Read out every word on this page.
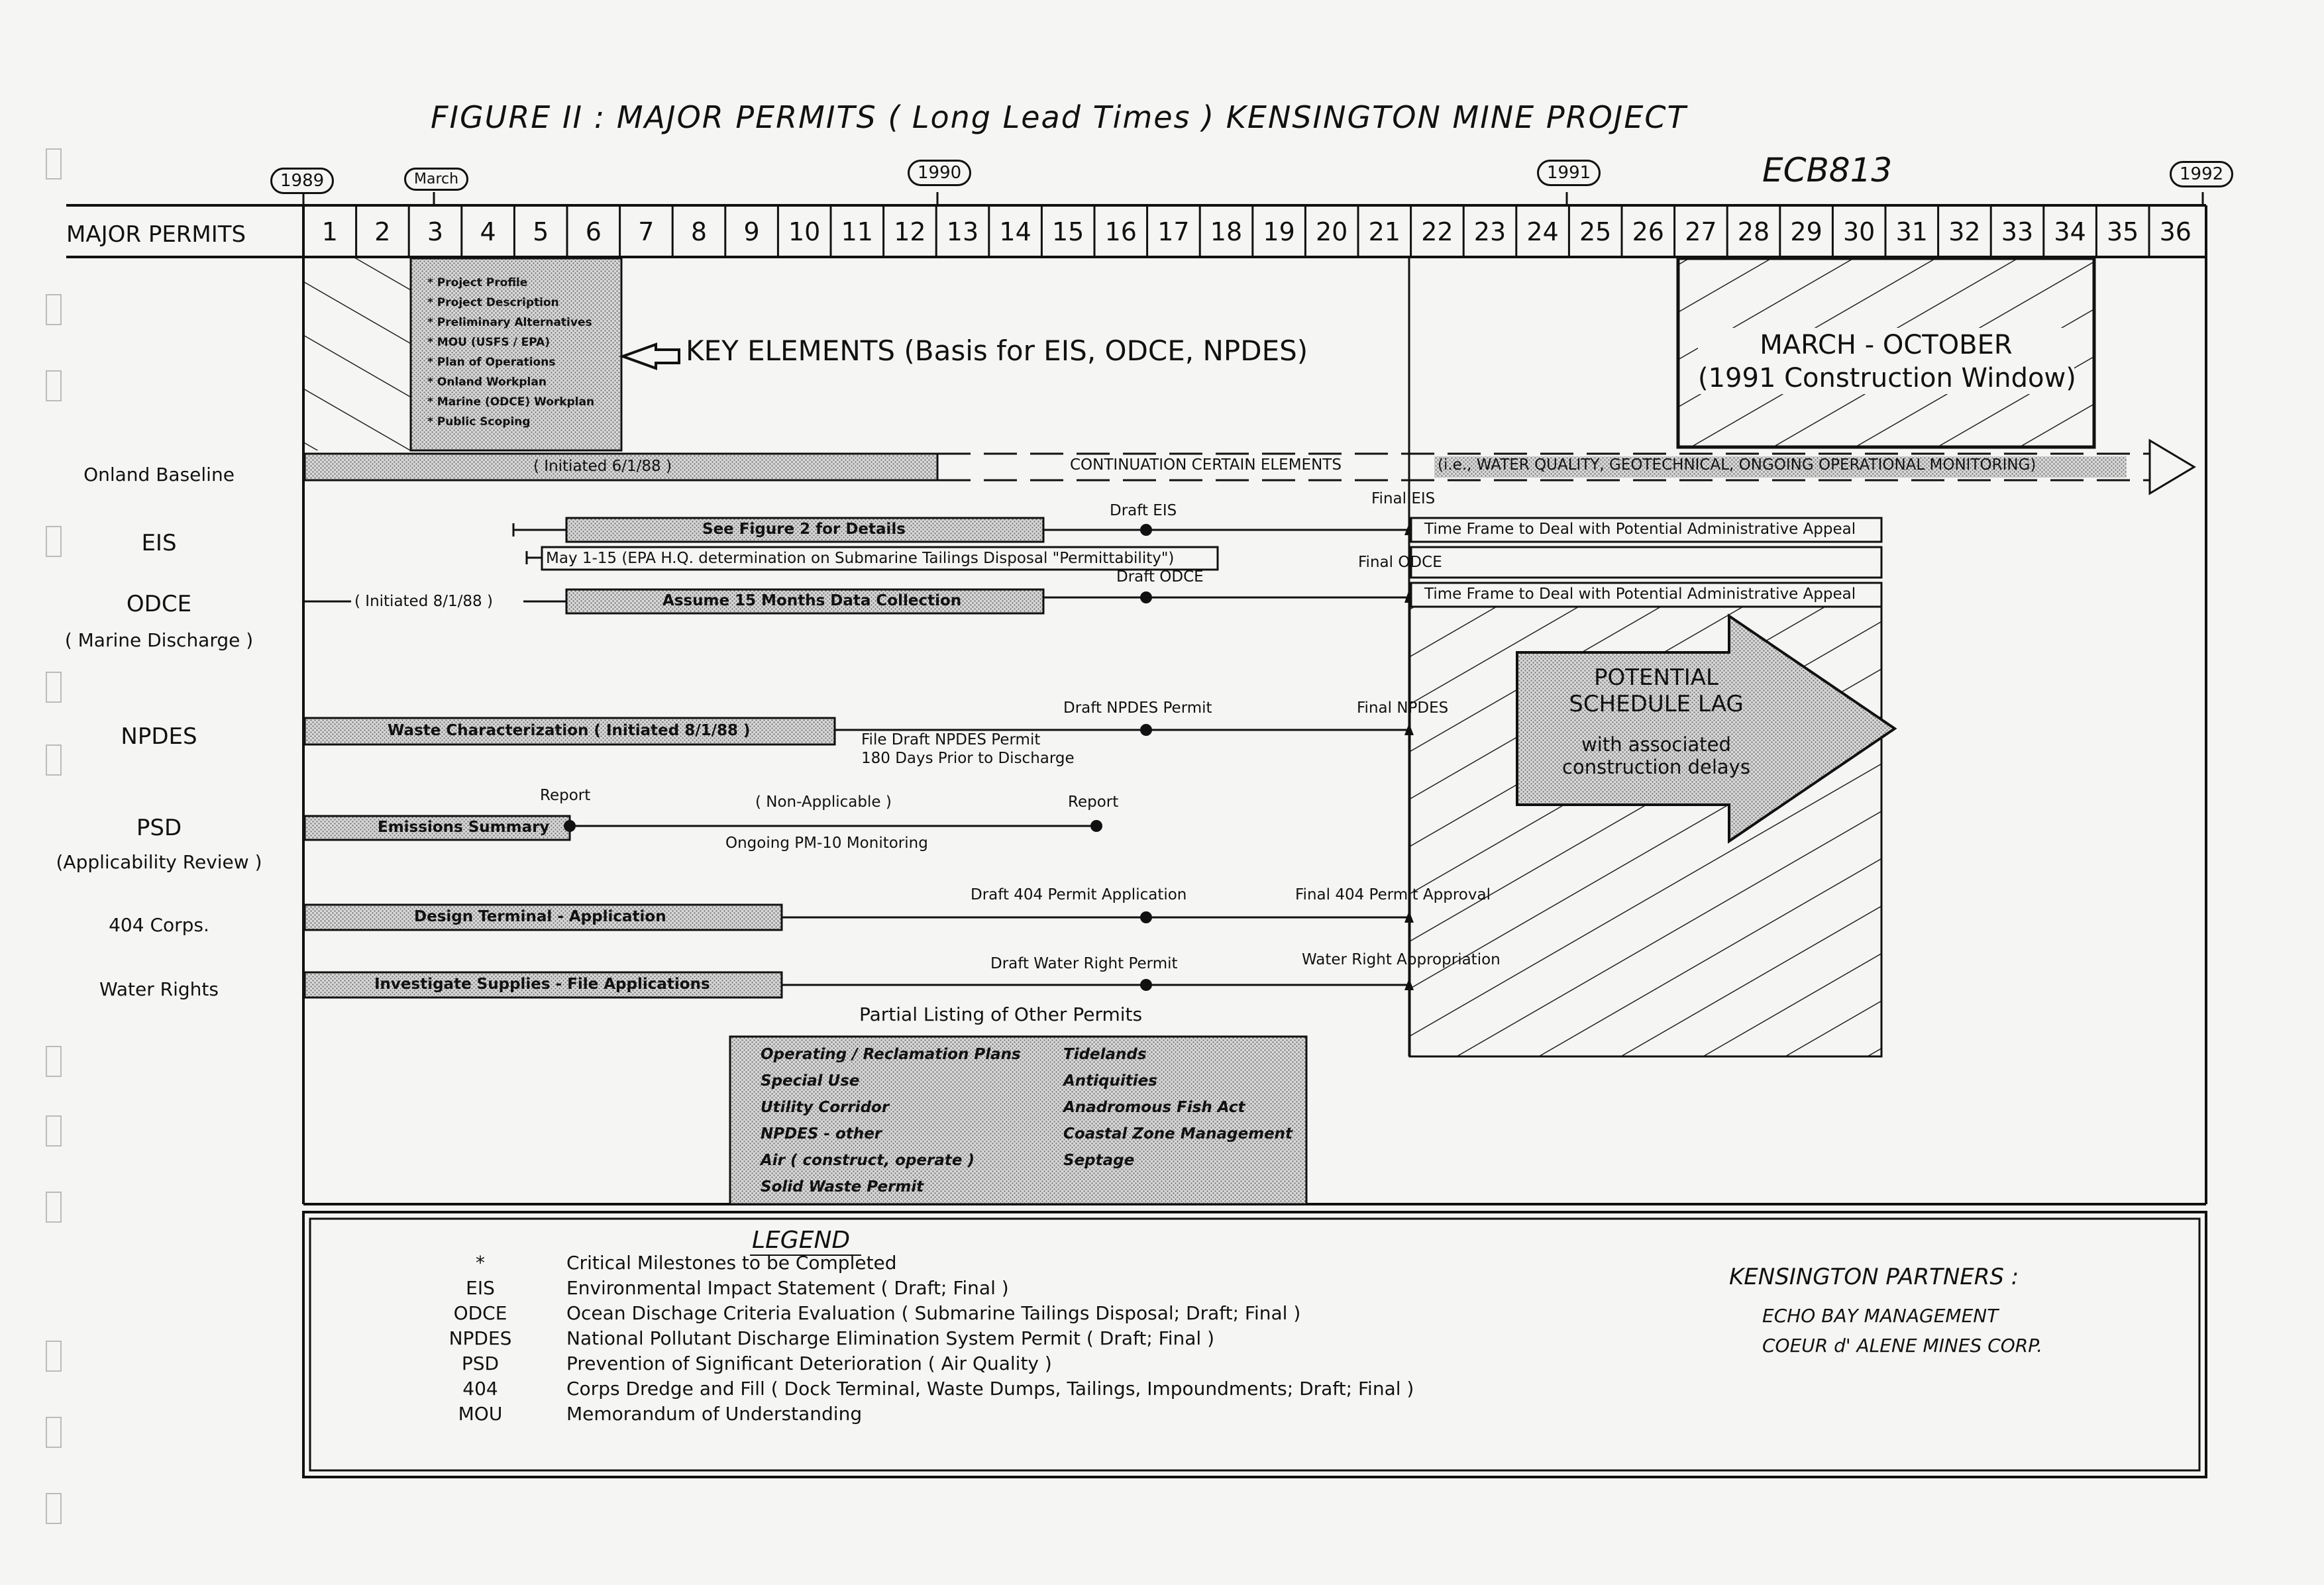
FIGURE II : MAJOR PERMITS ( Long Lead Times ) KENSINGTON MINE PROJECT
ECB813
1989	March	1990	1991	1992
MAJOR PERMITS	1	2	3	4	5	6	7	8	9	10 11 12 13 14 15 16 17 18 19 20 21 22 23 24 25 26 27 28 29 30 31 32 33 34 35 36
* Project Profile
* Project Description
* Preliminary Alternatives
* MOU (USFS / EPA)
* Plan of Operations
* Onland Workplan
* Marine (ODCE) Workplan
* Public Scoping
KEY ELEMENTS (Basis for EIS, ODCE, NPDES)	MARCH - OCTOBER
(1991 Construction Window)
Onland Baseline
EIS
ODCE
( Marine Discharge )
NPDES
PSD
(Applicability Review )
404 Corps.
Water Rights
( Initiated 6/1/88 )	CONTINUATION CERTAIN ELEMENTS	(i.e., WATER QUALITY, GEOTECHNICAL, ONGOING OPERATIONAL MONITORING)
See Figure 2 for Details
Draft EIS
Final EIS
Time Frame to Deal with Potential Administrative Appeal
May 1-15 (EPA H.Q. determination on Submarine Tailings Disposal "Permittability")	Final ODCE
Draft ODCE
( Initiated 8/1/88 )	Assume 15 Months Data Collection	Time Frame to Deal with Potential Administrative Appeal
POTENTIAL
SCHEDULE LAG
with associated
construction delays
Waste Characterization ( Initiated 8/1/88 )
Draft NPDES Permit	Final NPDES
File Draft NPDES Permit
180 Days Prior to Discharge
Emissions Summary
Report	( Non-Applicable )	Report
Ongoing PM-10 Monitoring
Design Terminal - Application
Draft 404 Permit Application	Final 404 Permit Approval
Investigate Supplies - File Applications
Draft Water Right Permit	Water Right Appropriation
Partial Listing of Other Permits
Operating / Reclamation Plans
Special Use
Utility Corridor
NPDES - other
Air ( construct, operate )
Solid Waste Permit
Tidelands
Antiquities
Anadromous Fish Act
Coastal Zone Management
Septage
LEGEND
*	Critical Milestones to be Completed
EIS	Environmental Impact Statement ( Draft; Final )
ODCE	Ocean Dischage Criteria Evaluation ( Submarine Tailings Disposal; Draft; Final )
NPDES	National Pollutant Discharge Elimination System Permit ( Draft; Final )
PSD	Prevention of Significant Deterioration ( Air Quality )
404	Corps Dredge and Fill ( Dock Terminal, Waste Dumps, Tailings, Impoundments; Draft; Final )
MOU	Memorandum of Understanding
KENSINGTON PARTNERS :
ECHO BAY MANAGEMENT
COEUR d' ALENE MINES CORP.
